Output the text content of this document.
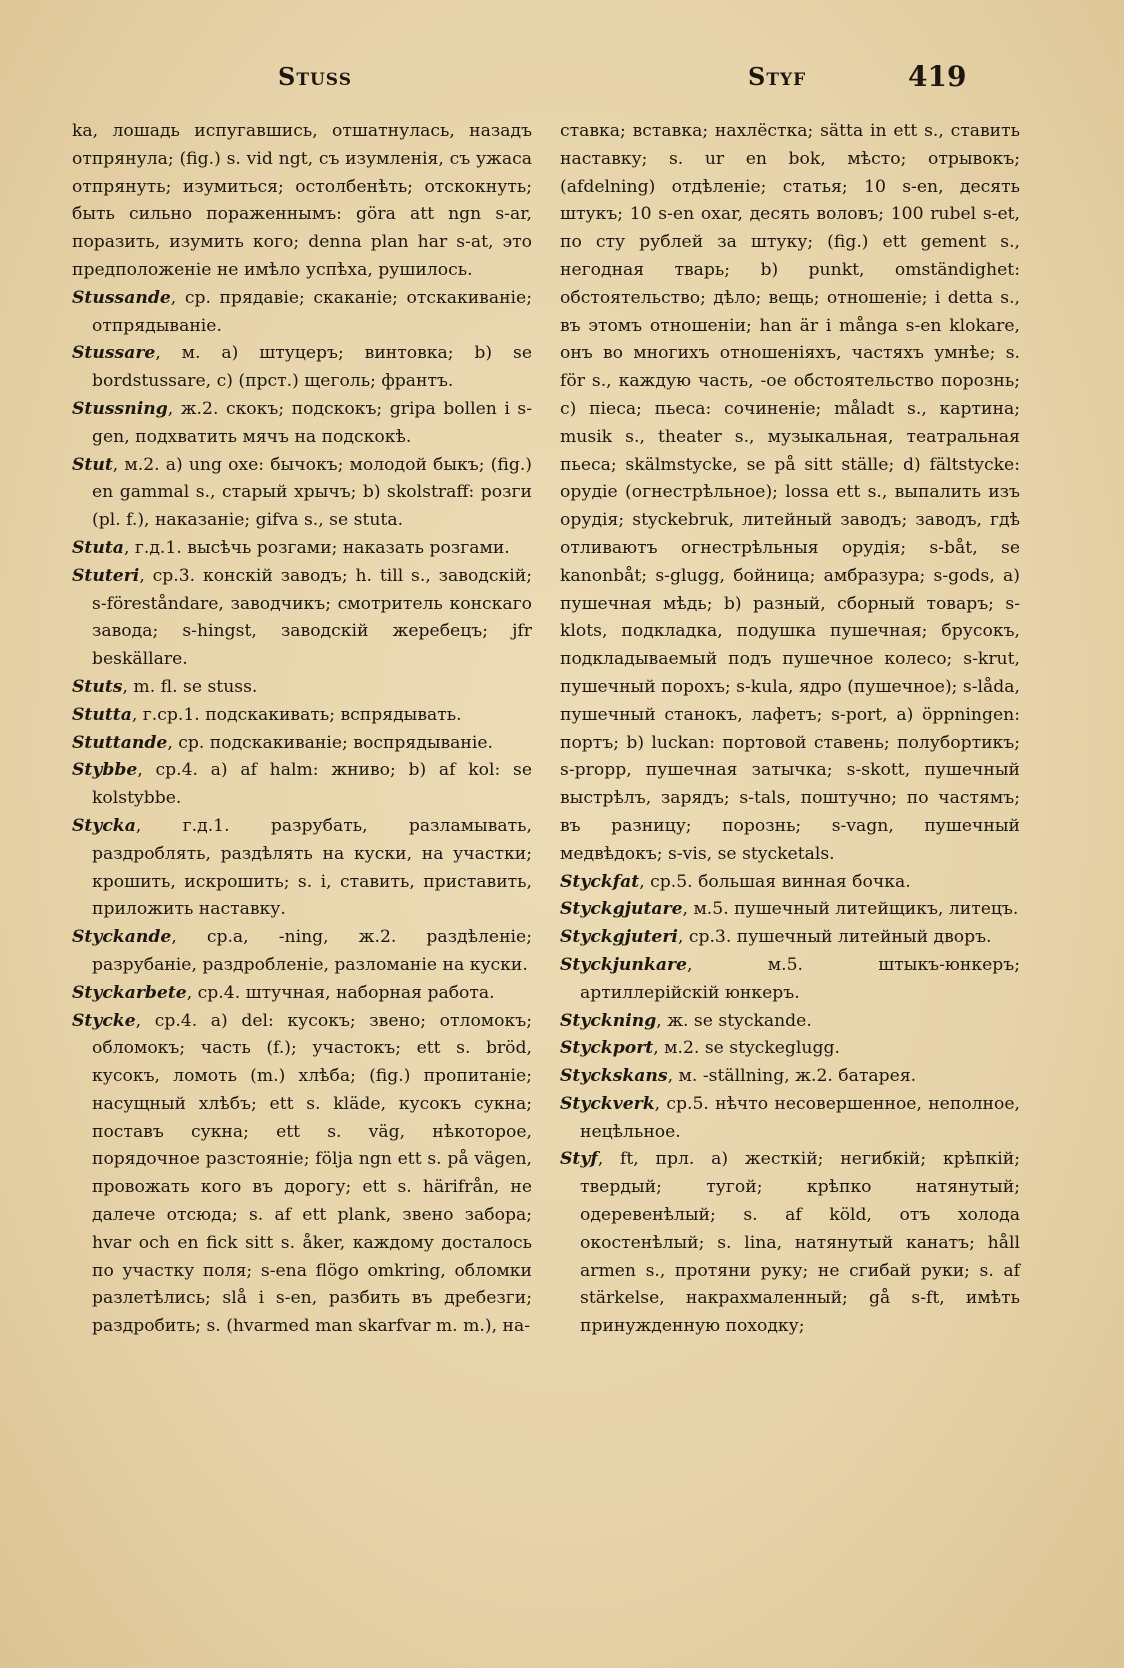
Stuss	Styf	419

ka, лошадь испугавшись, отшатнулась, назадъ отпрянула; (fig.) s. vid ngt, съ изумленія, съ ужаса отпрянуть; изумиться; остолбенѣть; отскокнуть; быть сильно пораженнымъ: göra att ngn s-ar, поразить, изумить кого; denna plan har s-at, это предположеніе не имѣло успѣха, рушилось.

Stussande, ср. прядавіе; скаканіе; отскакиваніе; отпрядываніе.

Stussare, м. a) штуцеръ; винтовка; b) se bordstussare, c) (прст.) щеголь; франтъ.

Stussning, ж.2. скокъ; подскокъ; gripa bollen i s-gen, подхватить мячъ на подскокѣ.

Stut, м.2. a) ung oxe: бычокъ; молодой быкъ; (fig.) en gammal s., старый хрычъ; b) skolstraff: розги (pl. f.), наказаніе; gifva s., se stuta.

Stuta, г.д.1. высѣчь розгами; наказать розгами.

Stuteri, ср.3. конскій заводъ; h. till s., заводскій; s-föreståndare, заводчикъ; смотритель конскаго завода; s-hingst, заводскій жеребецъ; jfr beskällare.

Stuts, m. fl. se stuss.

Stutta, г.ср.1. подскакивать; вспрядывать.

Stuttande, ср. подскакиваніе; воспрядываніе.

Stybbe, ср.4. a) af halm: жниво; b) af kol: se kolstybbe.

Stycka, г.д.1. разрубать, разламывать, раздроблять, раздѣлять на куски, на участки; крошить, искрошить; s. i, ставить, приставить, приложить наставку.

Styckande, ср.а, -ning, ж.2. раздѣленіе; разрубаніе, раздробленіе, разломаніе на куски.

Styckarbete, ср.4. штучная, наборная работа.

Stycke, ср.4. a) del: кусокъ; звено; отломокъ; обломокъ; часть (f.); участокъ; ett s. bröd, кусокъ, ломоть (m.) хлѣба; (fig.) пропитаніе; насущный хлѣбъ; ett s. kläde, кусокъ сукна; поставъ сукна; ett s. väg, нѣкоторое, порядочное разстояніе; följa ngn ett s. på vägen, провожать кого въ дорогу; ett s. härifrån, не далече отсюда; s. af ett plank, звено забора; hvar och en fick sitt s. åker, каждому досталось по участку поля; s-ena flögo omkring, обломки разлетѣлись; slå i s-en, разбить въ дребезги; раздробить; s. (hvarmed man skarfvar m. m.), на-

ставка; вставка; нахлёстка; sätta in ett s., ставить наставку; s. ur en bok, мѣсто; отрывокъ; (afdelning) отдѣленіе; статья; 10 s-en, десять штукъ; 10 s-en oxar, десять воловъ; 100 rubel s-et, по сту рублей за штуку; (fig.) ett gement s., негодная тварь; b) punkt, omständighet: обстоятельство; дѣло; вещь; отношеніе; i detta s., въ этомъ отношеніи; han är i många s-en klokare, онъ во многихъ отношеніяхъ, частяхъ умнѣе; s. för s., каждую часть, -ое обстоятельство порознь; c) піеса; пьеса: сочиненіе; måladt s., картина; musik s., theater s., музыкальная, театральная пьеса; skälmstycke, se på sitt ställe; d) fältstycke: орудіе (огнестрѣльное); lossa ett s., выпалить изъ орудія; styckebruk, литейный заводъ; заводъ, гдѣ отливаютъ огнестрѣльныя орудія; s-båt, se kanonbåt; s-glugg, бойница; амбразура; s-gods, a) пушечная мѣдь; b) разный, сборный товаръ; s-klots, подкладка, подушка пушечная; брусокъ, подкладываемый подъ пушечное колесо; s-krut, пушечный порохъ; s-kula, ядро (пушечное); s-låda, пушечный станокъ, лафетъ; s-port, a) öppningen: портъ; b) luckan: портовой ставень; полубортикъ; s-propp, пушечная затычка; s-skott, пушечный выстрѣлъ, зарядъ; s-tals, поштучно; по частямъ; въ разницу; порознь; s-vagn, пушечный медвѣдокъ; s-vis, se stycketals.

Styckfat, ср.5. большая винная бочка.

Styckgjutare, м.5. пушечный литейщикъ, литецъ.

Styckgjuteri, ср.3. пушечный литейный дворъ.

Styckjunkare, м.5. штыкъ-юнкеръ; артиллерійскій юнкеръ.

Styckning, ж. se styckande.

Styckport, м.2. se styckeglugg.

Styckskans, м. -ställning, ж.2. батарея.

Styckverk, ср.5. нѣчто несовершенное, неполное, нецѣльное.

Styf, ft, прл. a) жесткій; негибкій; крѣпкій; твердый; тугой; крѣпко натянутый; одеревенѣлый; s. af köld, отъ холода окостенѣлый; s. lina, натянутый канатъ; håll armen s., протяни руку; не сгибай руки; s. af stärkelse, накрахмаленный; gå s-ft, имѣть принужденную походку;
